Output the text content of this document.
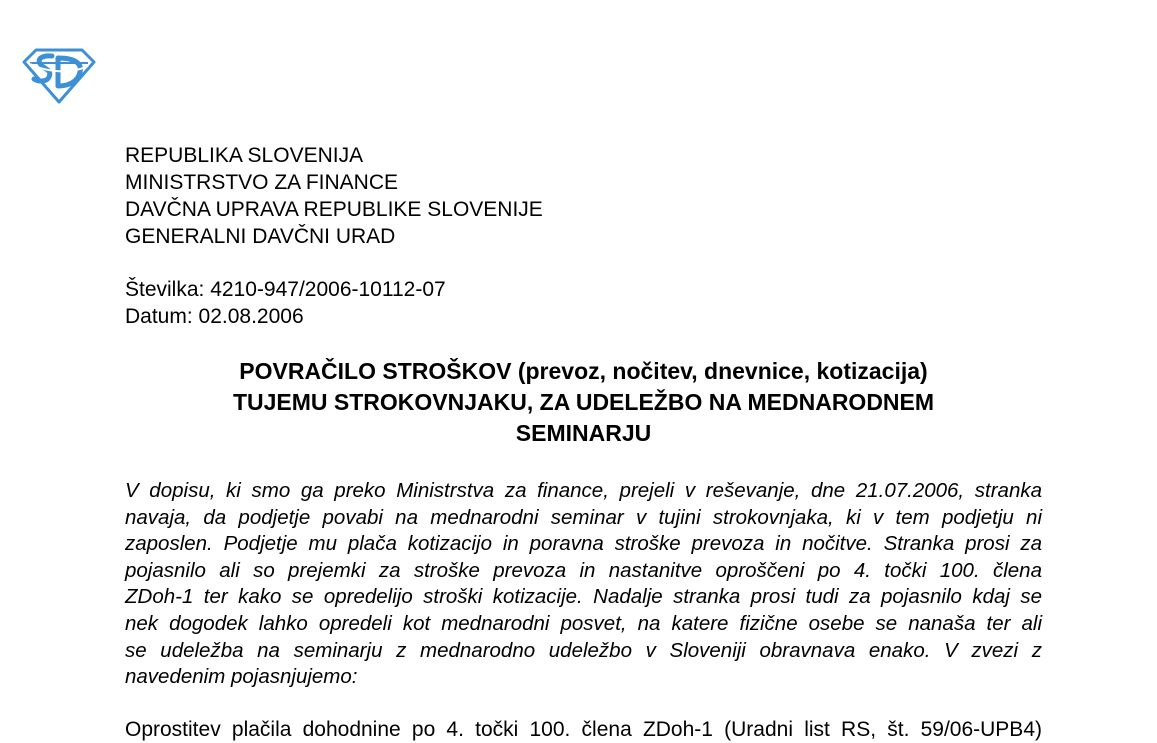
REPUBLIKA SLOVENIJA
MINISTRSTVO ZA FINANCE
DAVČNA UPRAVA REPUBLIKE SLOVENIJE
GENERALNI DAVČNI URAD
Številka: 4210-947/2006-10112-07
Datum: 02.08.2006
POVRAČILO STROŠKOV (prevoz, nočitev, dnevnice, kotizacija)
TUJEMU STROKOVNJAKU, ZA UDELEŽBO NA MEDNARODNEM
SEMINARJU
V dopisu, ki smo ga preko Ministrstva za finance, prejeli v reševanje, dne 21.07.2006, stranka
navaja, da podjetje povabi na mednarodni seminar v tujini strokovnjaka, ki v tem podjetju ni
zaposlen. Podjetje mu plača kotizacijo in poravna stroške prevoza in nočitve. Stranka prosi za
pojasnilo ali so prejemki za stroške prevoza in nastanitve oproščeni po 4. točki 100. člena
ZDoh-1 ter kako se opredelijo stroški kotizacije. Nadalje stranka prosi tudi za pojasnilo kdaj se
nek dogodek lahko opredeli kot mednarodni posvet, na katere fizične osebe se nanaša ter ali
se udeležba na seminarju z mednarodno udeležbo v Sloveniji obravnava enako. V zvezi z
navedenim pojasnjujemo:
Oprostitev plačila dohodnine po 4. točki 100. člena ZDoh-1 (Uradni list RS, št. 59/06-UPB4)
